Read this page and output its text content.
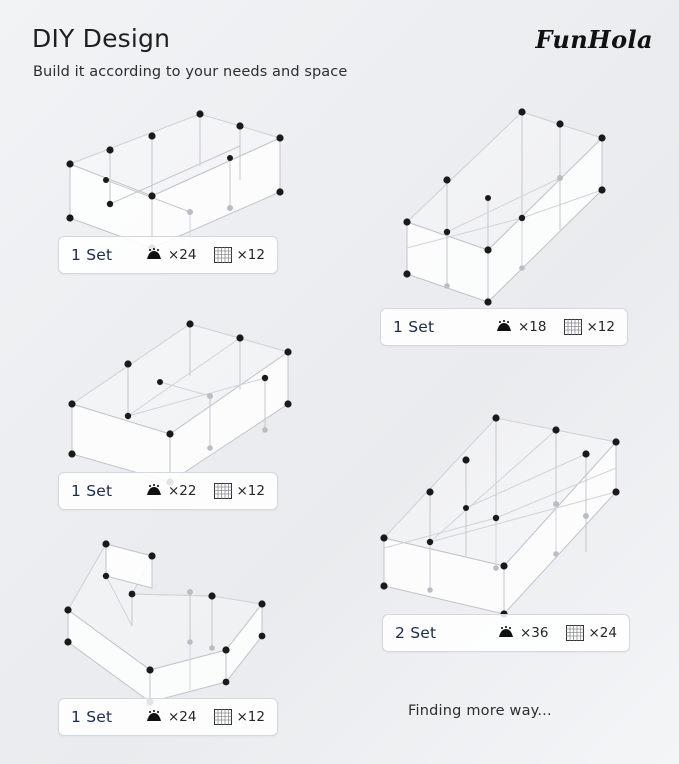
DIY Design	FunHola
Build it according to your needs and space
1 Set	×24	×12
1 Set	×18	×12
1 Set	×22	×12
2 Set	×36	×24
1 Set	×24	×12	Finding more way...
